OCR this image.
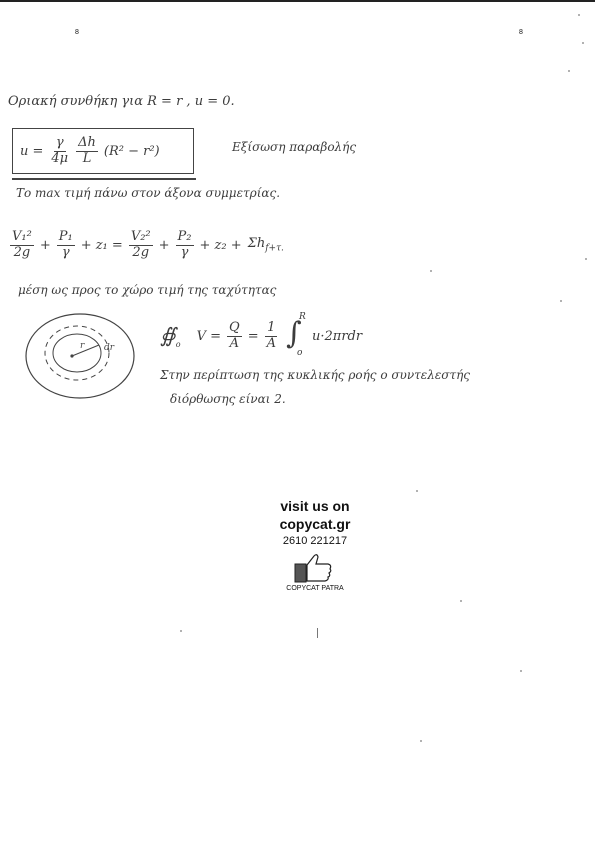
8	8
Οριακή συνθήκη για R = r , u = 0.
$u = \frac{\gamma}{4\mu} \frac{\Delta h}{L} (R^2 - r^2)$	Εξίσωση παραβολής
Το max τιμή πάνω στον άξονα συμμετρίας.
$\frac{\text{V₁²}}{2g} + \frac{\text{P₁}}{\gamma} + z_1 = \frac{\text{V₂²}}{2g} + \frac{\text{P₂}}{\gamma} + z_2 + \Sigma h_{f+\tau.}$
μέση ως προς το χώρο τιμή της ταχύτητας
r dr
$∯_o$
$V = \frac{Q}{A} = \frac{1}{A}$ ∫
R
o
u·2πrdr
Στην περίπτωση της κυκλικής ροής ο συντελεστής
διόρθωσης είναι 2.
visit us on
copycat.gr
2610 221217
COPYCAT PATRA
